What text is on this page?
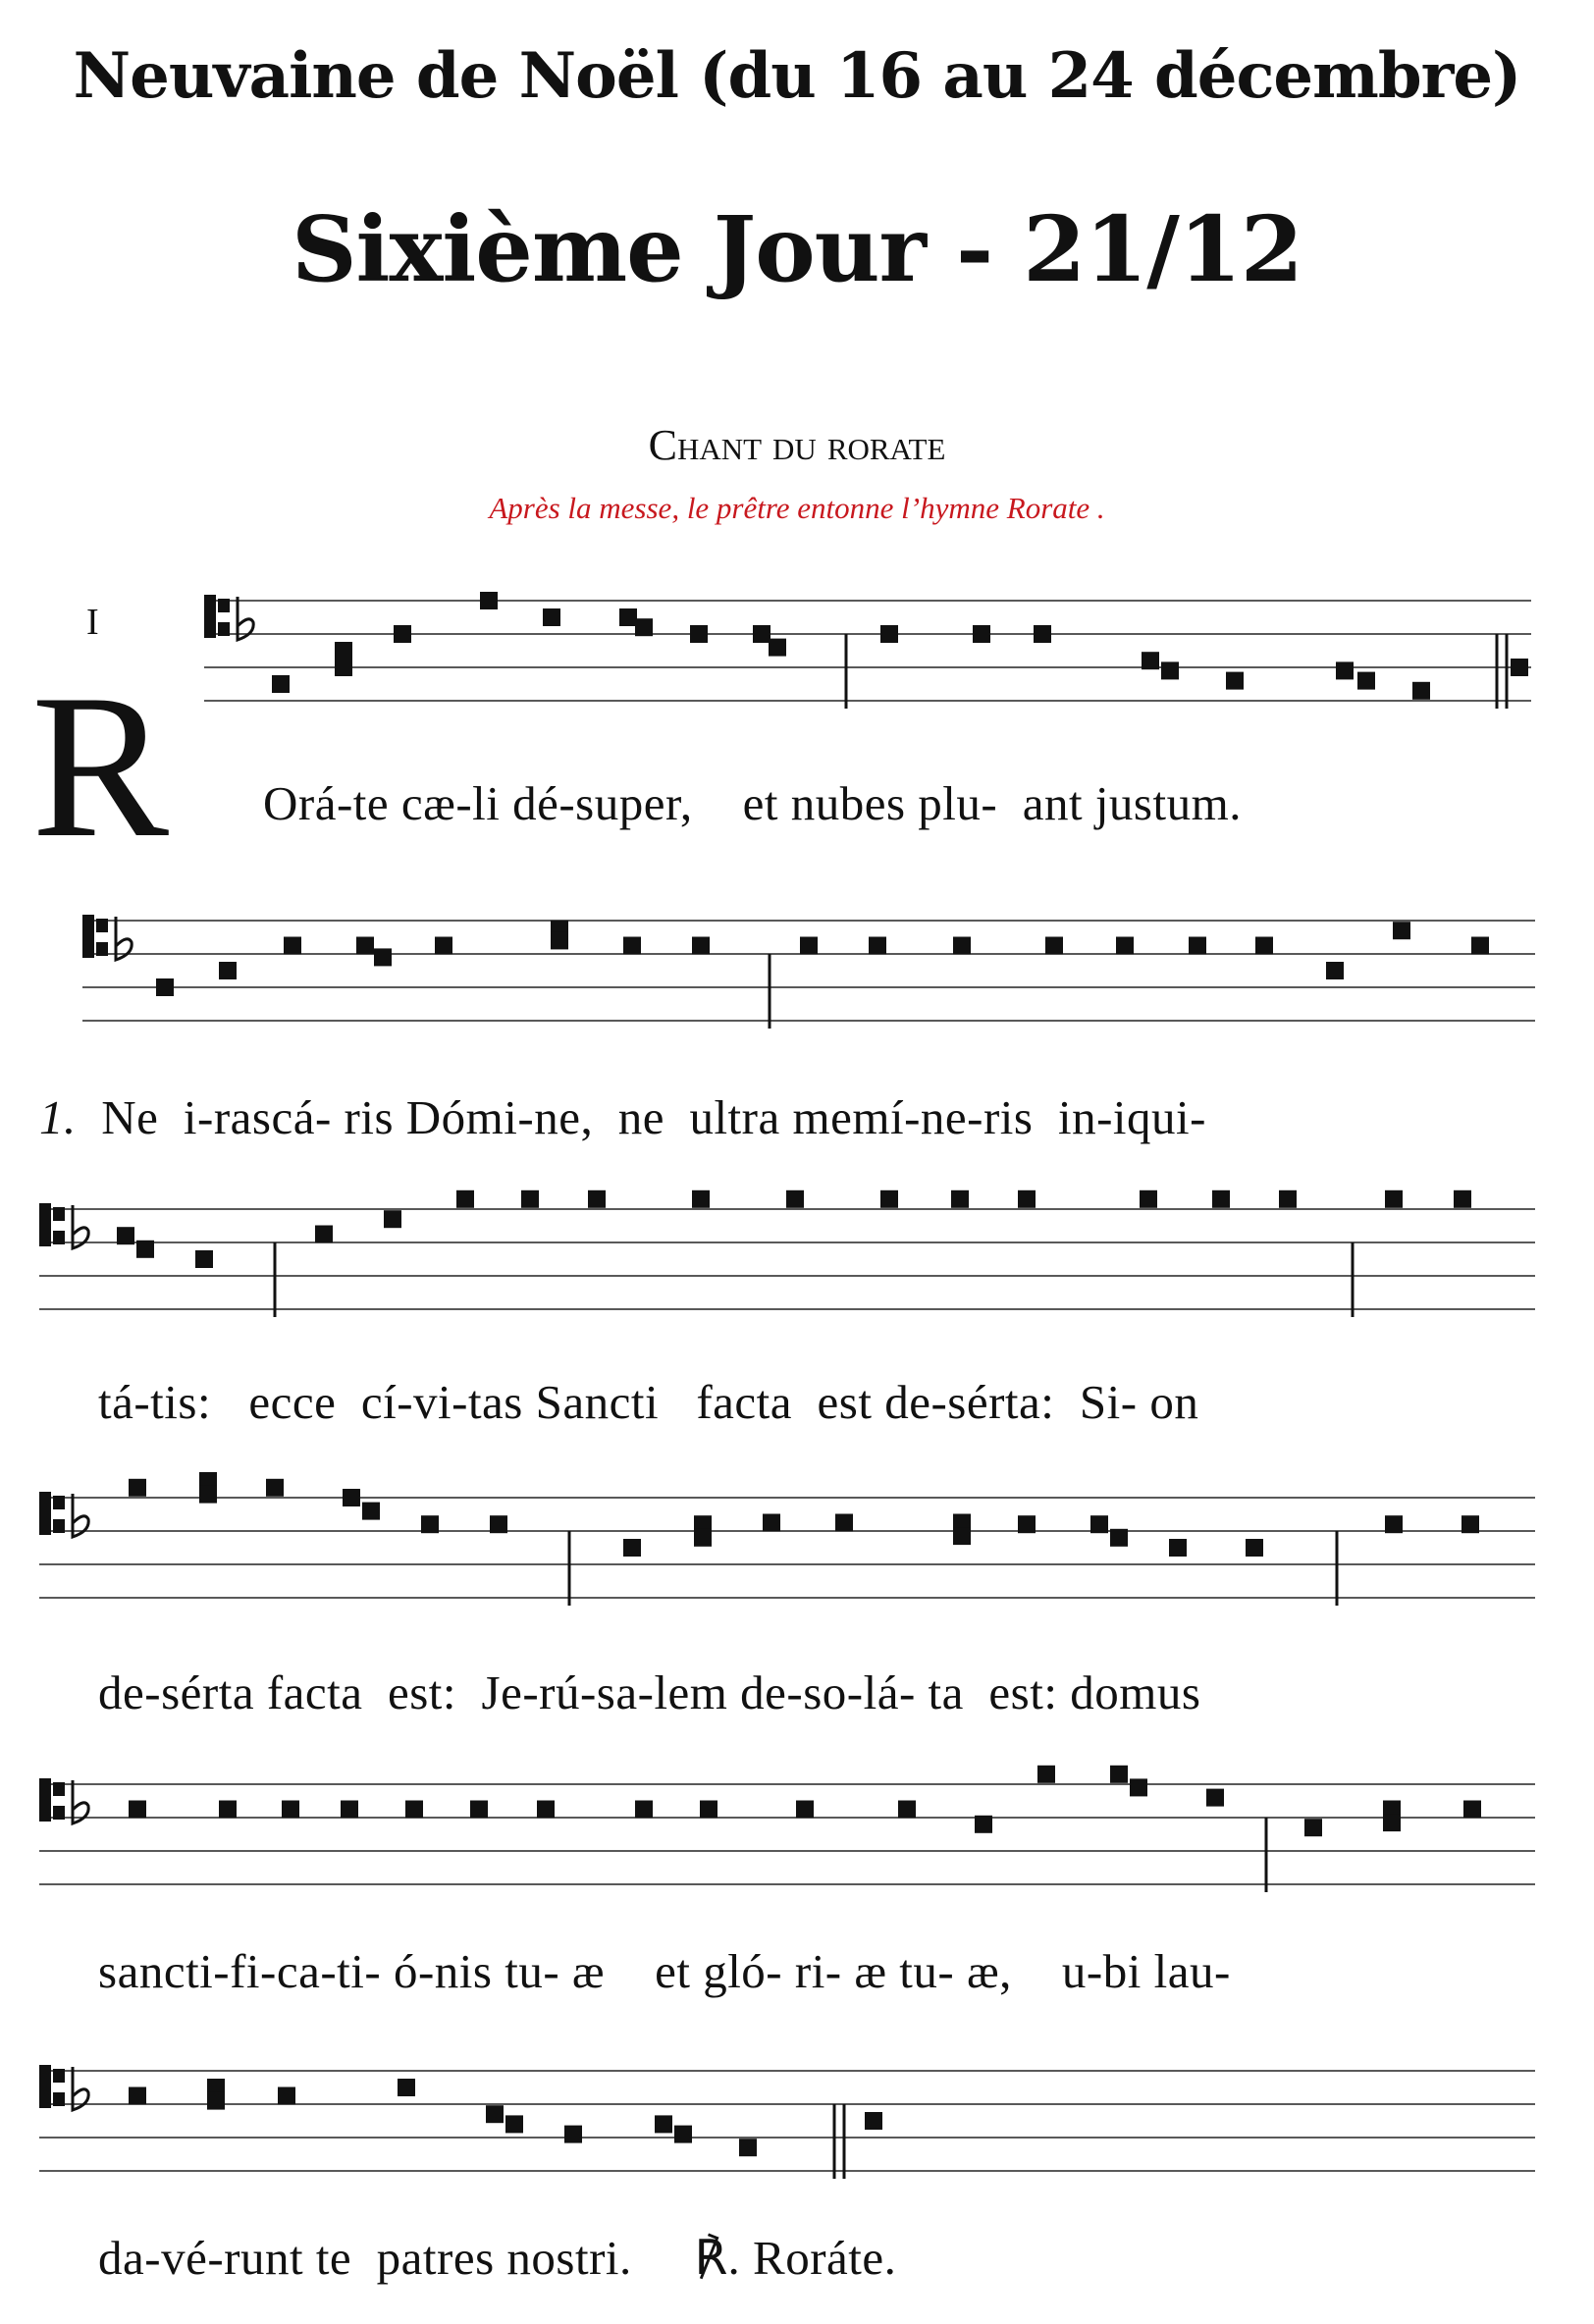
Neuvaine de Noël (du 16 au 24 décembre)
Sixième Jour - 21/12
Chant du rorate
Après la messe, le prêtre entonne l’hymne Rorate .
I
R Orá-te cæ-li dé-super,    et nubes plu-  ant justum.
1.  Ne  i-rascá- ris Dómi-ne,  ne  ultra memí-ne-ris  in-iqui-
tá-tis:   ecce  cí-vi-tas Sancti   facta  est de-sérta:  Si- on
de-sérta facta  est:  Je-rú-sa-lem de-so-lá- ta  est: domus
sancti-fi-ca-ti- ó-nis tu- æ    et gló- ri- æ tu- æ,    u-bi lau-
da-vé-runt te  patres nostri.     ℟. Roráte.
